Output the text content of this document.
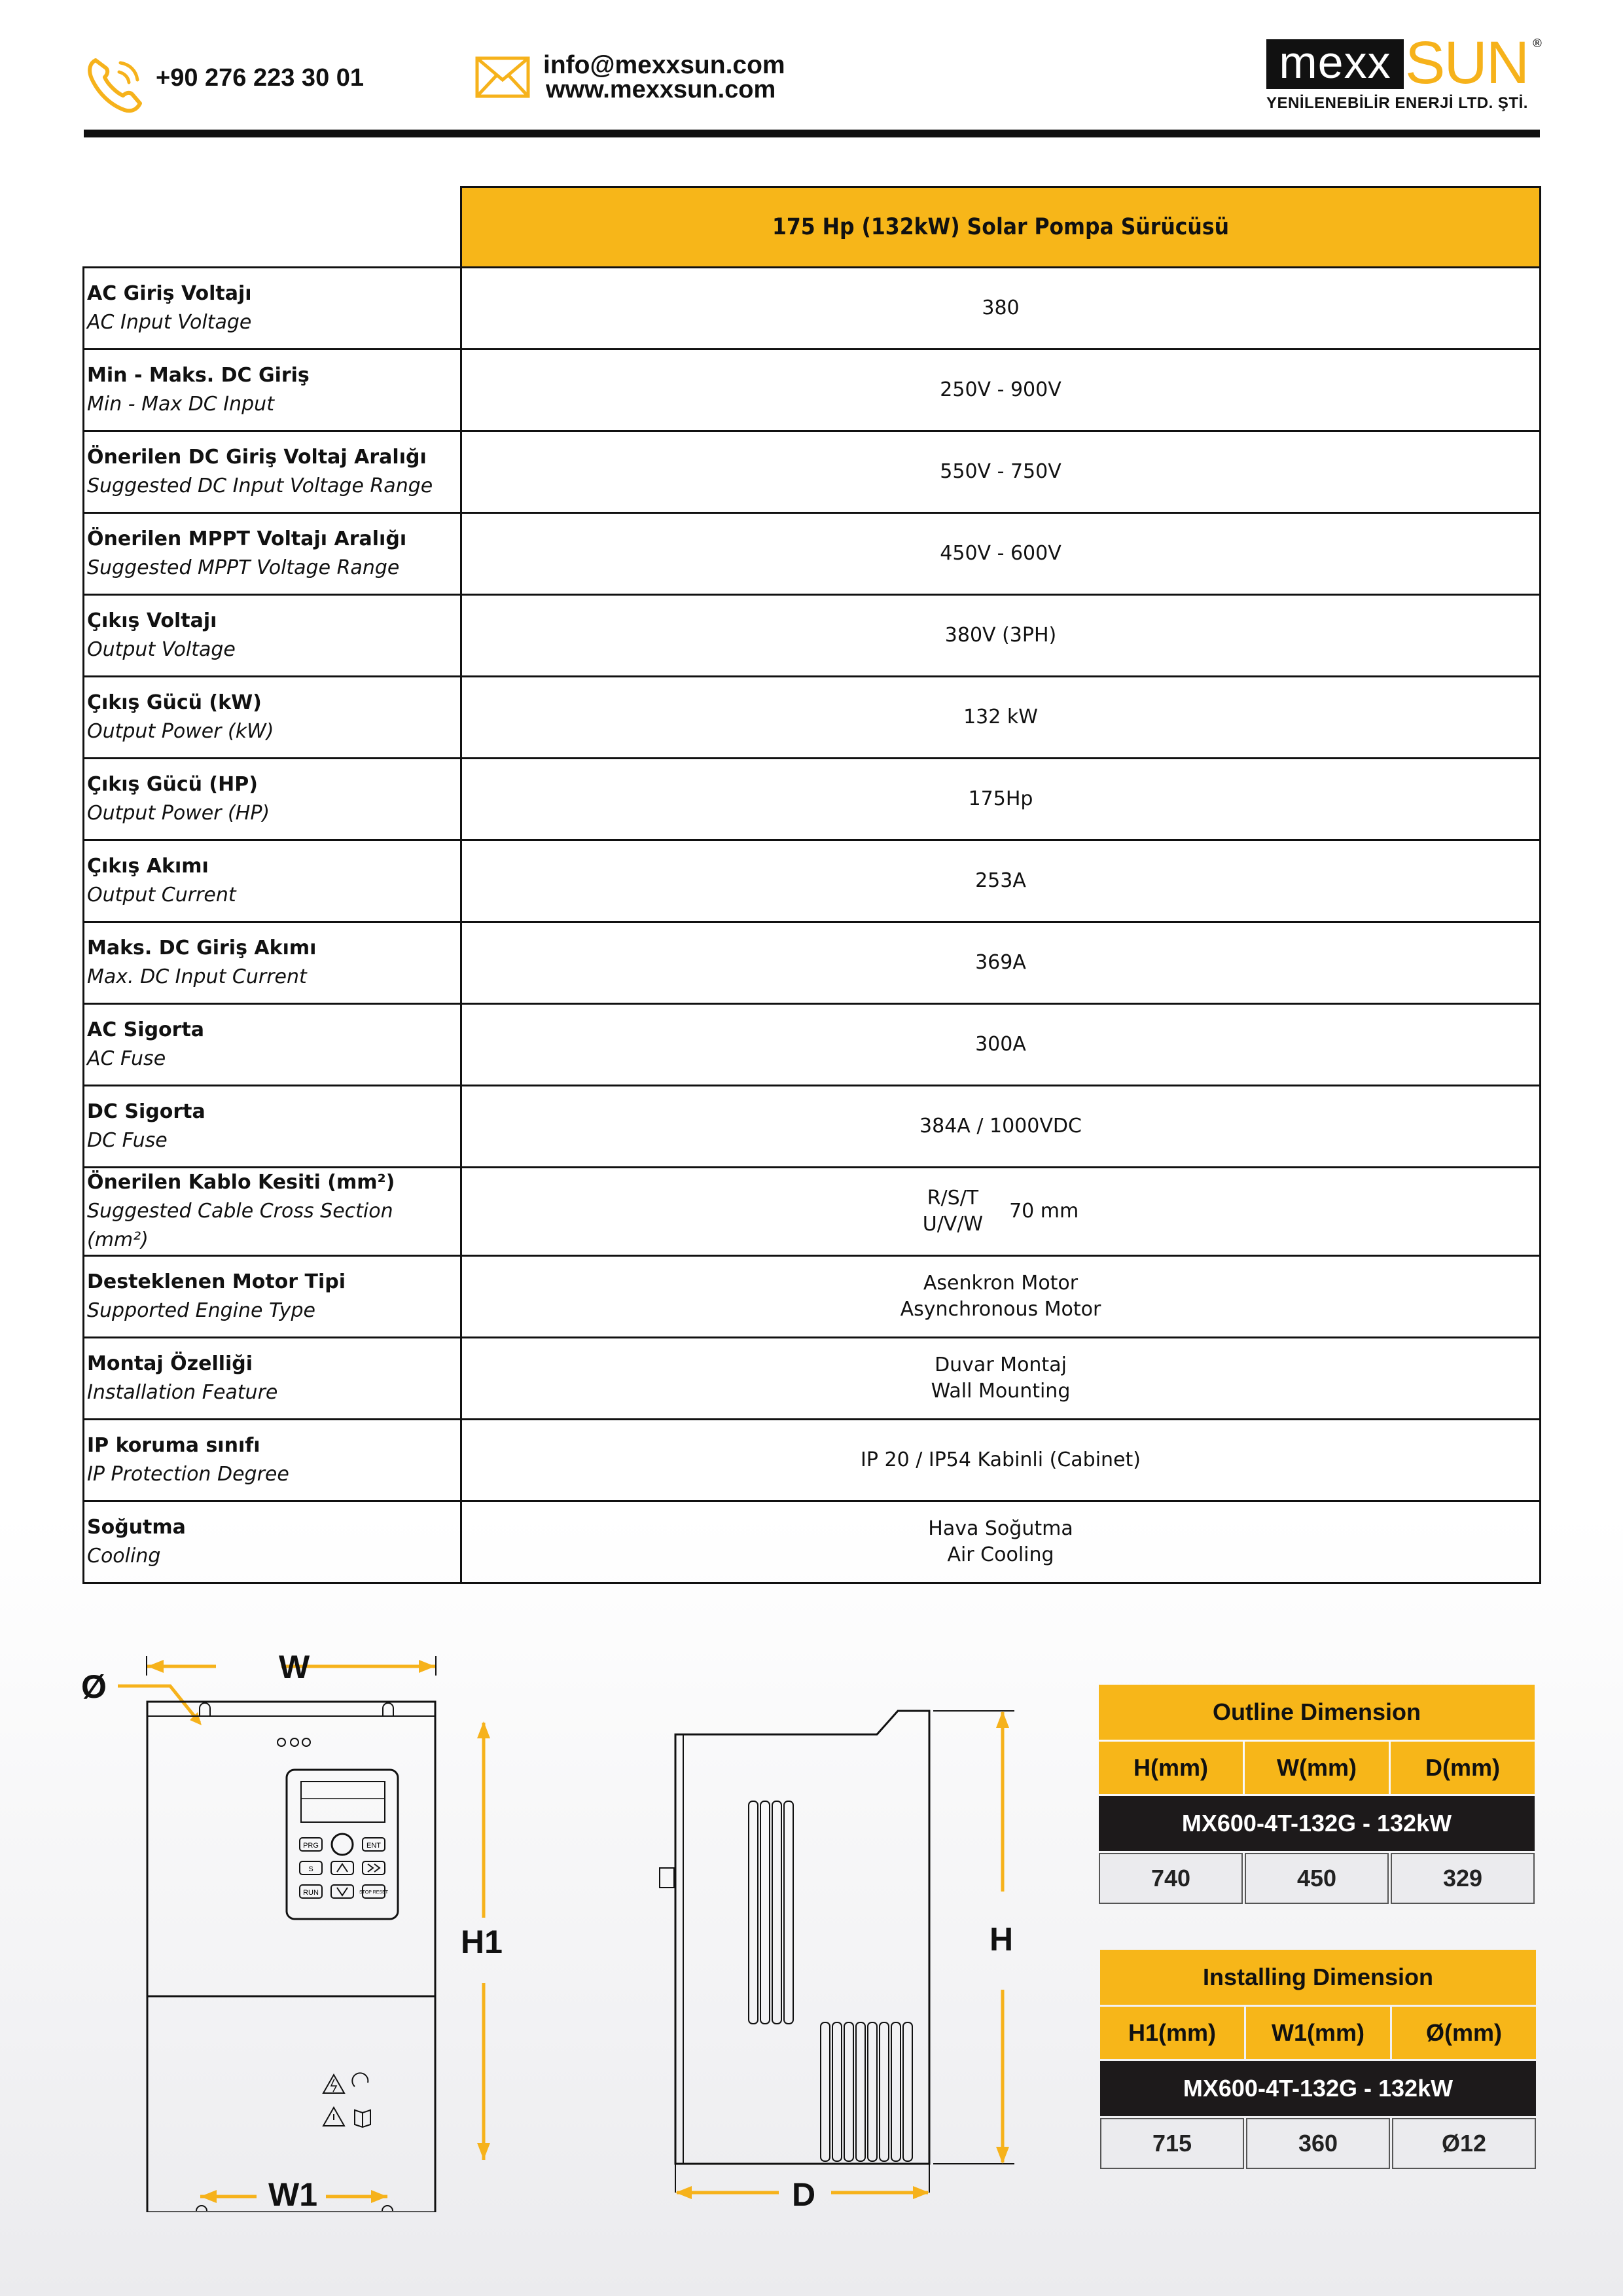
+90 276 223 30 01	info@mexxsun.com
www.mexxsun.com
mexx SUN ®
YENİLENEBİLİR ENERJİ LTD. ŞTİ.
	175 Hp (132kW) Solar Pompa Sürücüsü

AC Giriş Voltajı
AC Input Voltage	380

Min - Maks. DC Giriş
Min - Max DC Input	250V - 900V

Önerilen DC Giriş Voltaj Aralığı
Suggested DC Input Voltage Range	550V - 750V

Önerilen MPPT Voltajı Aralığı
Suggested MPPT Voltage Range	450V - 600V

Çıkış Voltajı
Output Voltage	380V (3PH)

Çıkış Gücü (kW)
Output Power (kW)	132 kW

Çıkış Gücü (HP)
Output Power (HP)	175Hp

Çıkış Akımı
Output Current	253A

Maks. DC Giriş Akımı
Max. DC Input Current	369A

AC Sigorta
AC Fuse	300A

DC Sigorta
DC Fuse	384A / 1000VDC

Önerilen Kablo Kesiti (mm²)
Suggested Cable Cross Section (mm²)	R/S/T
U/V/W
70 mm

Desteklenen Motor Tipi
Supported Engine Type	Asenkron Motor
Asynchronous Motor

Montaj Özelliği
Installation Feature	Duvar Montaj
Wall Mounting

IP koruma sınıfı
IP Protection Degree	IP 20 / IP54 Kabinli (Cabinet)

Soğutma
Cooling	Hava Soğutma
Air Cooling
PRG	ENT
S
RUN	STOP RESET
Ø
W
H1
W1
H
D
Outline Dimension		
H(mm)	W(mm)	D(mm)
MX600-4T-132G - 132kW		
740	450	329
Installing Dimension		
H1(mm)	W1(mm)	Ø(mm)
MX600-4T-132G - 132kW		
715	360	Ø12
